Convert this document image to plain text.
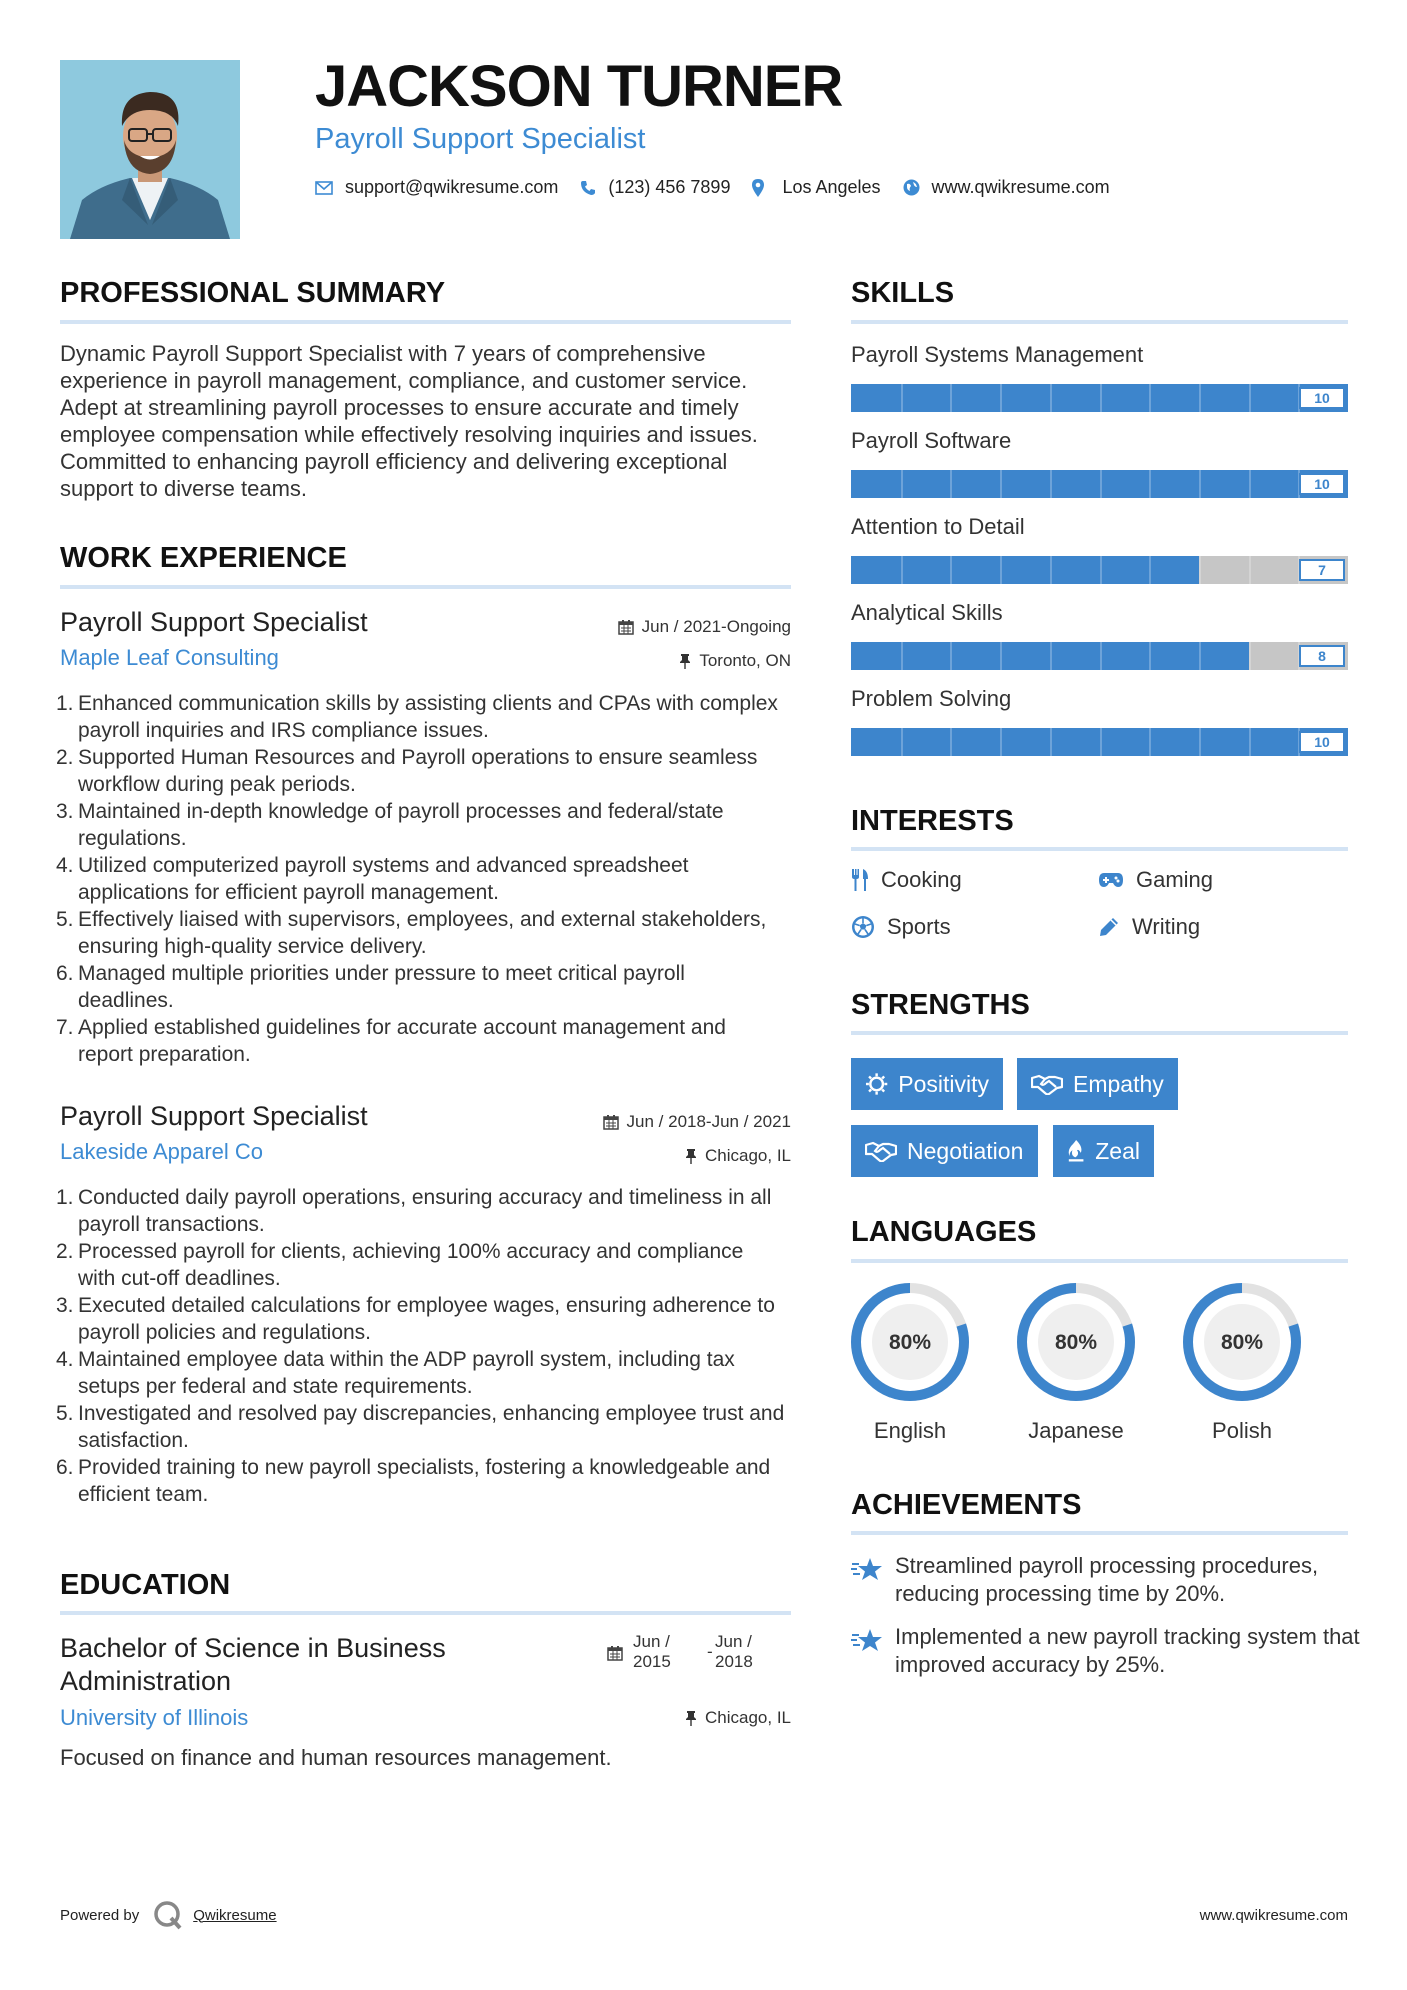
JACKSON TURNER
Payroll Support Specialist
support@qwikresume.com	(123) 456 7899	Los Angeles	www.qwikresume.com
PROFESSIONAL SUMMARY
Dynamic Payroll Support Specialist with 7 years of comprehensive experience in payroll management, compliance, and customer service. Adept at streamlining payroll processes to ensure accurate and timely employee compensation while effectively resolving inquiries and issues. Committed to enhancing payroll efficiency and delivering exceptional support to diverse teams.
WORK EXPERIENCE
Payroll Support Specialist	Jun / 2021-Ongoing
Maple Leaf Consulting	Toronto, ON
1. Enhanced communication skills by assisting clients and CPAs with complex payroll inquiries and IRS compliance issues.
2. Supported Human Resources and Payroll operations to ensure seamless workflow during peak periods.
3. Maintained in-depth knowledge of payroll processes and federal/state regulations.
4. Utilized computerized payroll systems and advanced spreadsheet applications for efficient payroll management.
5. Effectively liaised with supervisors, employees, and external stakeholders, ensuring high-quality service delivery.
6. Managed multiple priorities under pressure to meet critical payroll deadlines.
7. Applied established guidelines for accurate account management and report preparation.
Payroll Support Specialist	Jun / 2018-Jun / 2021
Lakeside Apparel Co	Chicago, IL
1. Conducted daily payroll operations, ensuring accuracy and timeliness in all payroll transactions.
2. Processed payroll for clients, achieving 100% accuracy and compliance with cut-off deadlines.
3. Executed detailed calculations for employee wages, ensuring adherence to payroll policies and regulations.
4. Maintained employee data within the ADP payroll system, including tax setups per federal and state requirements.
5. Investigated and resolved pay discrepancies, enhancing employee trust and satisfaction.
6. Provided training to new payroll specialists, fostering a knowledgeable and efficient team.
EDUCATION
Bachelor of Science in Business Administration
Jun /
2015
-
Jun /
2018
University of Illinois	Chicago, IL
Focused on finance and human resources management.
SKILLS
Payroll Systems Management
10
Payroll Software
10
Attention to Detail
7
Analytical Skills
8
Problem Solving
10
INTERESTS
Cooking	Gaming
Sports	Writing
STRENGTHS
Positivity	Empathy
Negotiation	Zeal
LANGUAGES
80%
English
80%
Japanese
80%
Polish
ACHIEVEMENTS
Streamlined payroll processing procedures, reducing processing time by 20%.
Implemented a new payroll tracking system that improved accuracy by 25%.
Powered by	Qwikresume	www.qwikresume.com
